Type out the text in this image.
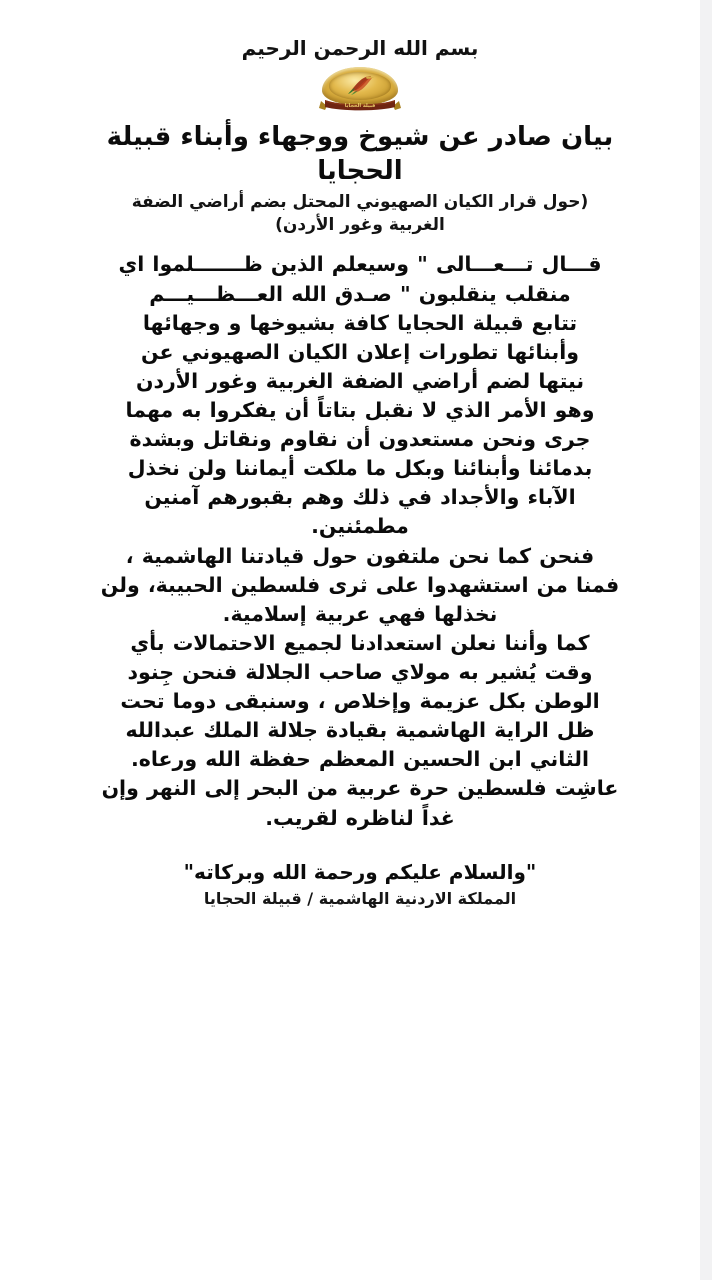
بسم الله الرحمن الرحيم
قبيلة الحجايا
بيان صادر عن شيوخ ووجهاء وأبناء قبيلة
الحجايا
(حول قرار الكيان الصهيوني المحتل بضم أراضي الضفة
الغربية وغور الأردن)
قـــال تـــعـــالى " وسيعلم الذين ظـــــــلموا اي
منقلب ينقلبون " صـدق الله العـــظـــيـــم
تتابع قبيلة الحجايا كافة بشيوخها و وجهائها
وأبنائها تطورات إعلان الكيان الصهيوني عن
نيتها لضم أراضي الضفة الغربية وغور الأردن
وهو الأمر الذي لا نقبل بتاتاً أن يفكروا به مهما
جرى ونحن مستعدون أن نقاوم ونقاتل وبشدة
بدمائنا وأبنائنا وبكل ما ملكت أيماننا ولن نخذل
الآباء والأجداد في ذلك وهم بقبورهم آمنين
مطمئنين.
فنحن كما نحن ملتفون حول قيادتنا الهاشمية ،
فمنا من استشهدوا على ثرى فلسطين الحبيبة، ولن
نخذلها فهي عربية إسلامية.
كما وأننا نعلن استعدادنا لجميع الاحتمالات بأي
وقت يُشير به مولاي صاحب الجلالة فنحن جِنود
الوطن بكل عزيمة وإخلاص ، وسنبقى دوما تحت
ظل الراية الهاشمية بقيادة جلالة الملك عبدالله
الثاني ابن الحسين المعظم حفظة الله ورعاه.
عاشِت فلسطين حرة عربية من البحر إلى النهر وإن
غداً لناظره لقريب.
"والسلام عليكم ورحمة الله وبركاته"
المملكة الاردنية الهاشمية / قبيلة الحجايا
